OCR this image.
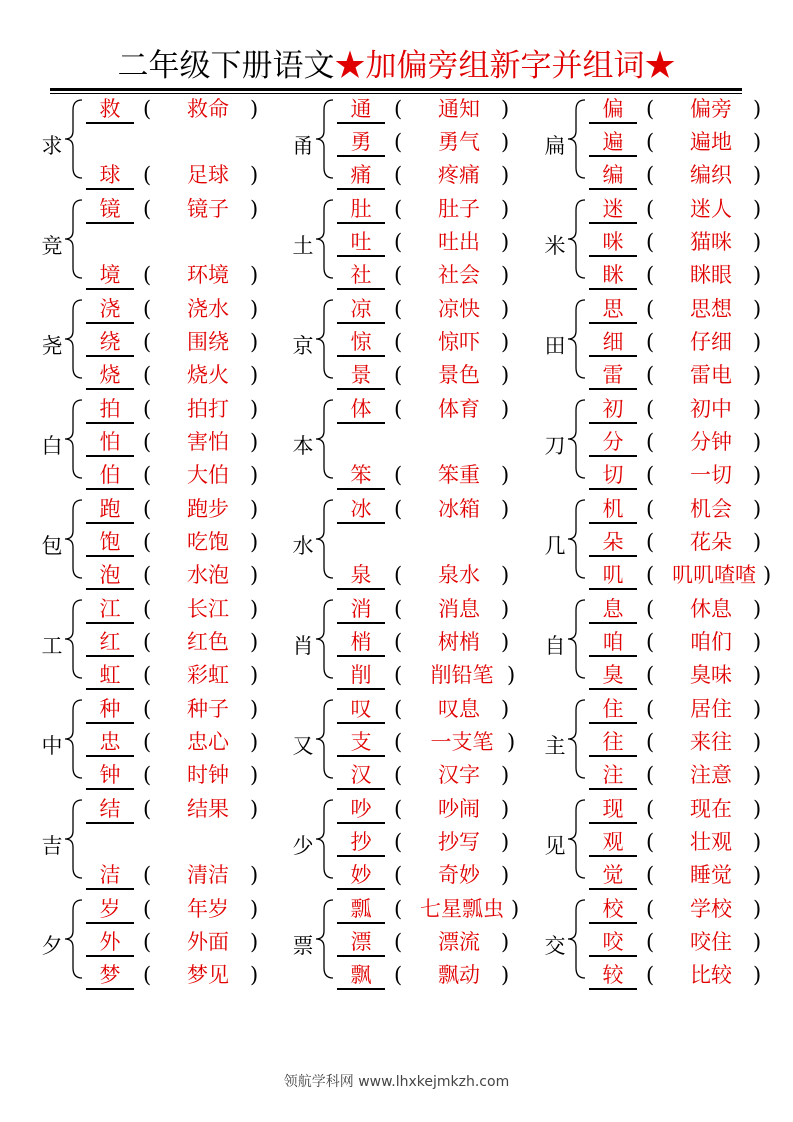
二年级下册语文★加偏旁组新字并组词★
求
救	(	救命	)
球	(	足球	)
竞
镜	(	镜子	)
境	(	环境	)
尧
浇	(	浇水	)
绕	(	围绕	)
烧	(	烧火	)
白
拍	(	拍打	)
怕	(	害怕	)
伯	(	大伯	)
包
跑	(	跑步	)
饱	(	吃饱	)
泡	(	水泡	)
工
江	(	长江	)
红	(	红色	)
虹	(	彩虹	)
中
种	(	种子	)
忠	(	忠心	)
钟	(	时钟	)
吉
结	(	结果	)
洁	(	清洁	)
夕
岁	(	年岁	)
外	(	外面	)
梦	(	梦见	)
甬
通	(	通知	)
勇	(	勇气	)
痛	(	疼痛	)
土
肚	(	肚子	)
吐	(	吐出	)
社	(	社会	)
京
凉	(	凉快	)
惊	(	惊吓	)
景	(	景色	)
本
体	(	体育	)
笨	(	笨重	)
水
冰	(	冰箱	)
泉	(	泉水	)
肖
消	(	消息	)
梢	(	树梢	)
削	(	削铅笔 )
又
叹	(	叹息	)
支	(	一支笔 )
汉	(	汉字	)
少
吵	(	吵闹	)
抄	(	抄写	)
妙	(	奇妙	)
票
瓢	( 七星瓢虫 )
漂	(	漂流	)
飘	(	飘动	)
扁
偏	(	偏旁	)
遍	(	遍地	)
编	(	编织	)
米
迷	(	迷人	)
咪	(	猫咪	)
眯	(	眯眼	)
田
思	(	思想	)
细	(	仔细	)
雷	(	雷电	)
刀
初	(	初中	)
分	(	分钟	)
切	(	一切	)
几
机	(	机会	)
朵	(	花朵	)
叽	( 叽叽喳喳 )
自
息	(	休息	)
咱	(	咱们	)
臭	(	臭味	)
主
住	(	居住	)
往	(	来往	)
注	(	注意	)
见
现	(	现在	)
观	(	壮观	)
觉	(	睡觉	)
交
校	(	学校	)
咬	(	咬住	)
较	(	比较	)
领航学科网 www.lhxkejmkzh.com
